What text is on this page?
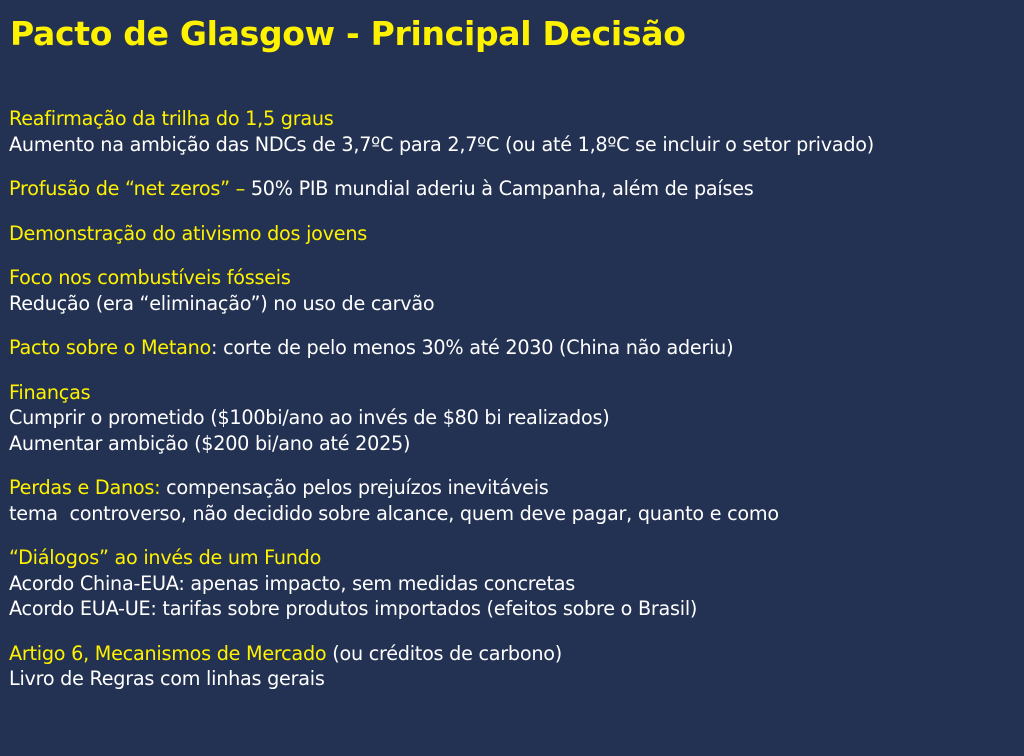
Pacto de Glasgow - Principal Decisão
Reafirmação da trilha do 1,5 graus
Aumento na ambição das NDCs de 3,7ºC para 2,7ºC (ou até 1,8ºC se incluir o setor privado)
Profusão de “net zeros” – 50% PIB mundial aderiu à Campanha, além de países
Demonstração do ativismo dos jovens
Foco nos combustíveis fósseis
Redução (era “eliminação”) no uso de carvão
Pacto sobre o Metano: corte de pelo menos 30% até 2030 (China não aderiu)
Finanças
Cumprir o prometido ($100bi/ano ao invés de $80 bi realizados)
Aumentar ambição ($200 bi/ano até 2025)
Perdas e Danos: compensação pelos prejuízos inevitáveis
tema  controverso, não decidido sobre alcance, quem deve pagar, quanto e como
“Diálogos” ao invés de um Fundo
Acordo China-EUA: apenas impacto, sem medidas concretas
Acordo EUA-UE: tarifas sobre produtos importados (efeitos sobre o Brasil)
Artigo 6, Mecanismos de Mercado (ou créditos de carbono)
Livro de Regras com linhas gerais
